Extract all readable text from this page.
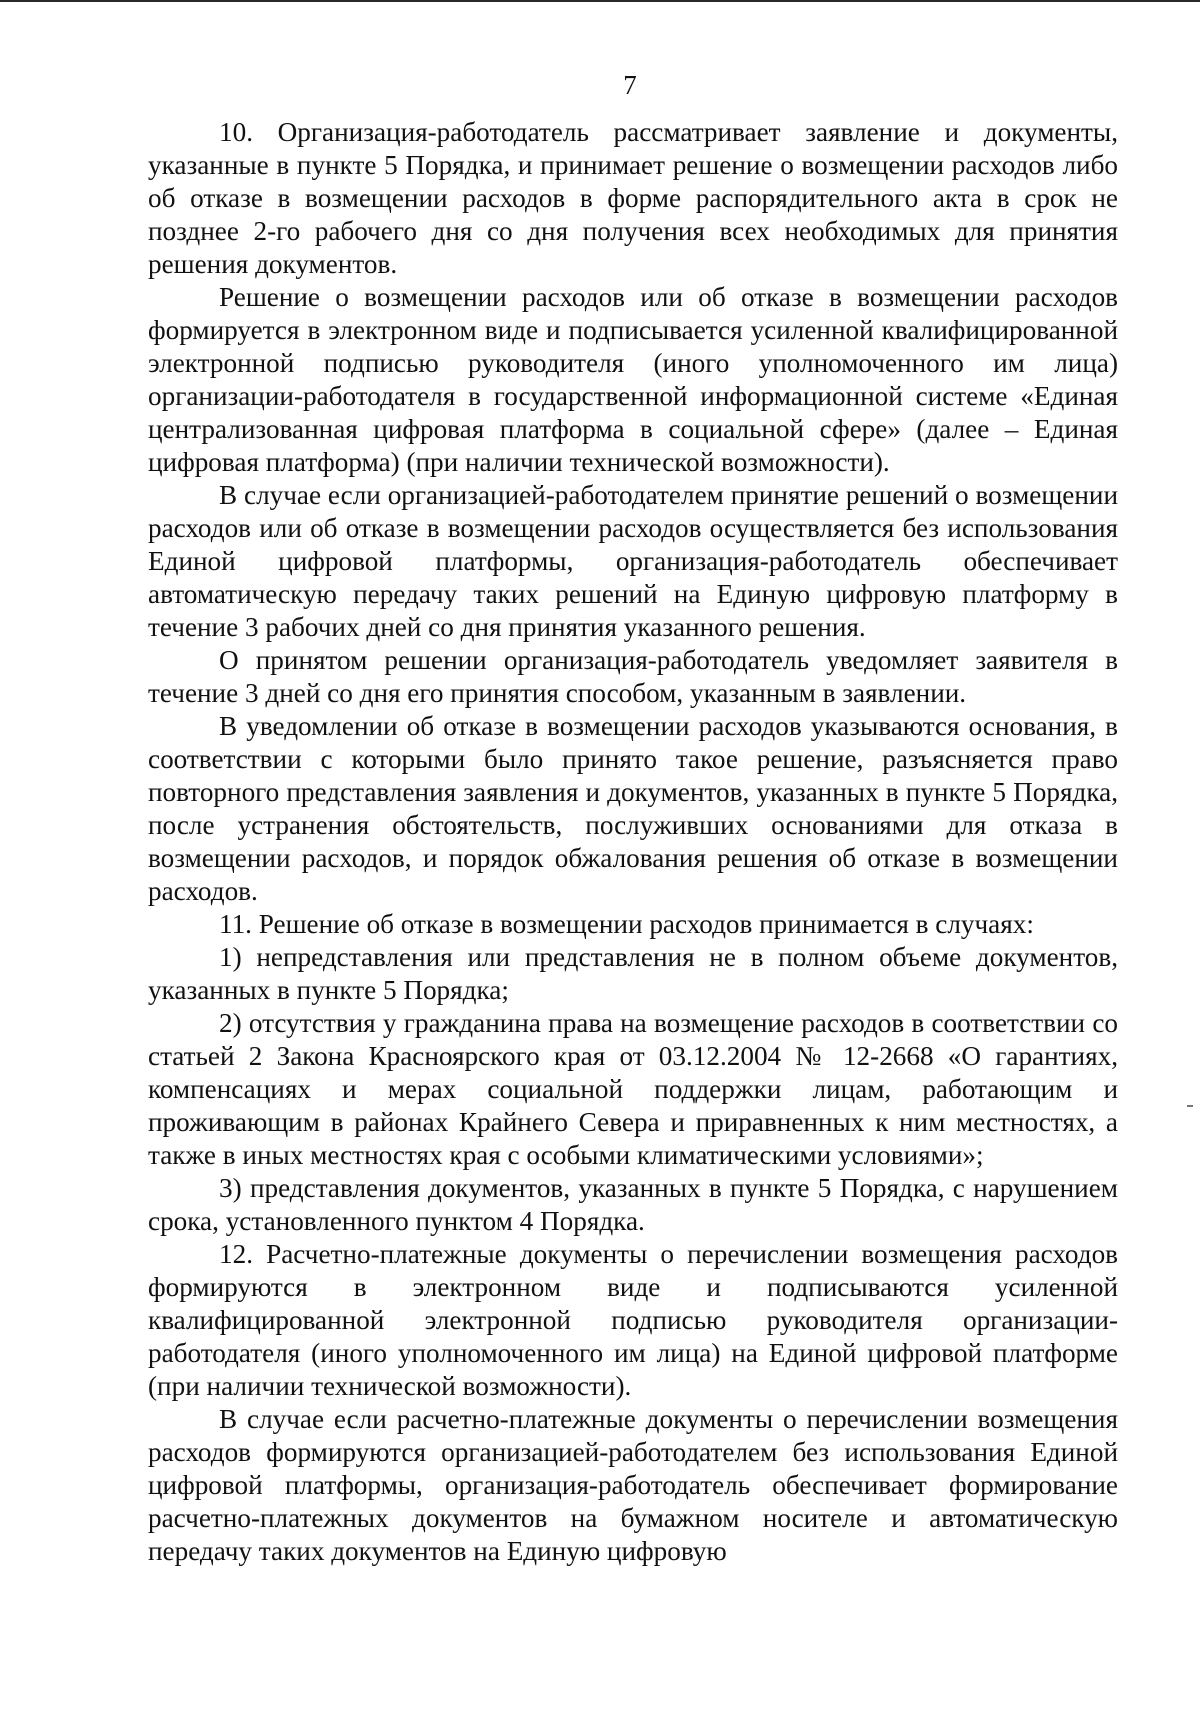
7

10. Организация-работодатель рассматривает заявление и документы, указанные в пункте 5 Порядка, и принимает решение о возмещении расходов либо об отказе в возмещении расходов в форме распорядительного акта в срок не позднее 2-го рабочего дня со дня получения всех необходимых для принятия решения документов.

Решение о возмещении расходов или об отказе в возмещении расходов формируется в электронном виде и подписывается усиленной квалифицированной электронной подписью руководителя (иного уполномоченного им лица) организации-работодателя в государственной информационной системе «Единая централизованная цифровая платформа в социальной сфере» (далее – Единая цифровая платформа) (при наличии технической возможности).

В случае если организацией-работодателем принятие решений о возмещении расходов или об отказе в возмещении расходов осуществляется без использования Единой цифровой платформы, организация-работодатель обеспечивает автоматическую передачу таких решений на Единую цифровую платформу в течение 3 рабочих дней со дня принятия указанного решения.

О принятом решении организация-работодатель уведомляет заявителя в течение 3 дней со дня его принятия способом, указанным в заявлении.

В уведомлении об отказе в возмещении расходов указываются основания, в соответствии с которыми было принято такое решение, разъясняется право повторного представления заявления и документов, указанных в пункте 5 Порядка, после устранения обстоятельств, послуживших основаниями для отказа в возмещении расходов, и порядок обжалования решения об отказе в возмещении расходов.

11. Решение об отказе в возмещении расходов принимается в случаях:

1) непредставления или представления не в полном объеме документов, указанных в пункте 5 Порядка;

2) отсутствия у гражданина права на возмещение расходов в соответствии со статьей 2 Закона Красноярского края от 03.12.2004 № 12-2668 «О гарантиях, компенсациях и мерах социальной поддержки лицам, работающим и проживающим в районах Крайнего Севера и приравненных к ним местностях, а также в иных местностях края с особыми климатическими условиями»;

3) представления документов, указанных в пункте 5 Порядка, с нарушением срока, установленного пунктом 4 Порядка.

12. Расчетно-платежные документы о перечислении возмещения расходов формируются в электронном виде и подписываются усиленной квалифицированной электронной подписью руководителя организации-работодателя (иного уполномоченного им лица) на Единой цифровой платформе (при наличии технической возможности).

В случае если расчетно-платежные документы о перечислении возмещения расходов формируются организацией-работодателем без использования Единой цифровой платформы, организация-работодатель обеспечивает формирование расчетно-платежных документов на бумажном носителе и автоматическую передачу таких документов на Единую цифровую
